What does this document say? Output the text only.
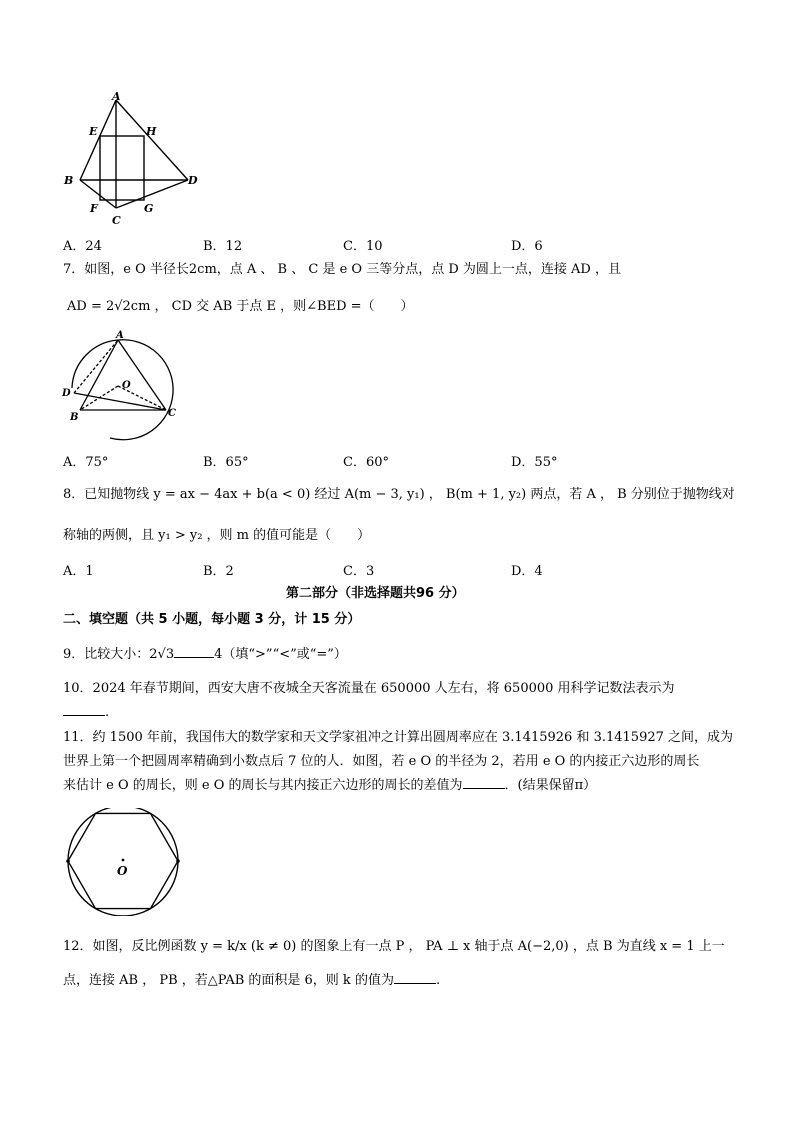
A
E	H
B	D
F
C
G
A．24	B．12	C．10	D．6
7．如图，e O 半径长2cm，点 A 、 B 、 C 是 e O 三等分点，点 D 为圆上一点，连接 AD ，且
AD = 2√2cm ， CD 交 AB 于点 E ，则∠BED =（　　）
A
D
O
B	C
A．75°	B．65°	C．60°	D．55°
8．已知抛物线 y = ax − 4ax + b(a < 0) 经过 A(m − 3, y₁) ， B(m + 1, y₂) 两点，若 A ， B 分别位于抛物线对
称轴的两侧，且 y₁ > y₂ ，则 m 的值可能是（　　）
A．1	B．2	C．3	D．4
第二部分（非选择题共96 分）
二、填空题（共 5 小题，每小题 3 分，计 15 分）
9．比较大小：2√3	4（填“>”“<”或“=”）
10．2024 年春节期间，西安大唐不夜城全天客流量在 650000 人左右，将 650000 用科学记数法表示为
.
11．约 1500 年前，我国伟大的数学家和天文学家祖冲之计算出圆周率应在 3.1415926 和 3.1415927 之间，成为
世界上第一个把圆周率精确到小数点后 7 位的人．如图，若 e O 的半径为 2，若用 e O 的内接正六边形的周长
来估计 e O 的周长，则 e O 的周长与其内接正六边形的周长的差值为	．(结果保留π）
O
12．如图，反比例函数 y = k/x (k ≠ 0) 的图象上有一点 P ， PA ⊥ x 轴于点 A(−2,0) ，点 B 为直线 x = 1 上一
点，连接 AB ， PB ，若△PAB 的面积是 6，则 k 的值为	.
